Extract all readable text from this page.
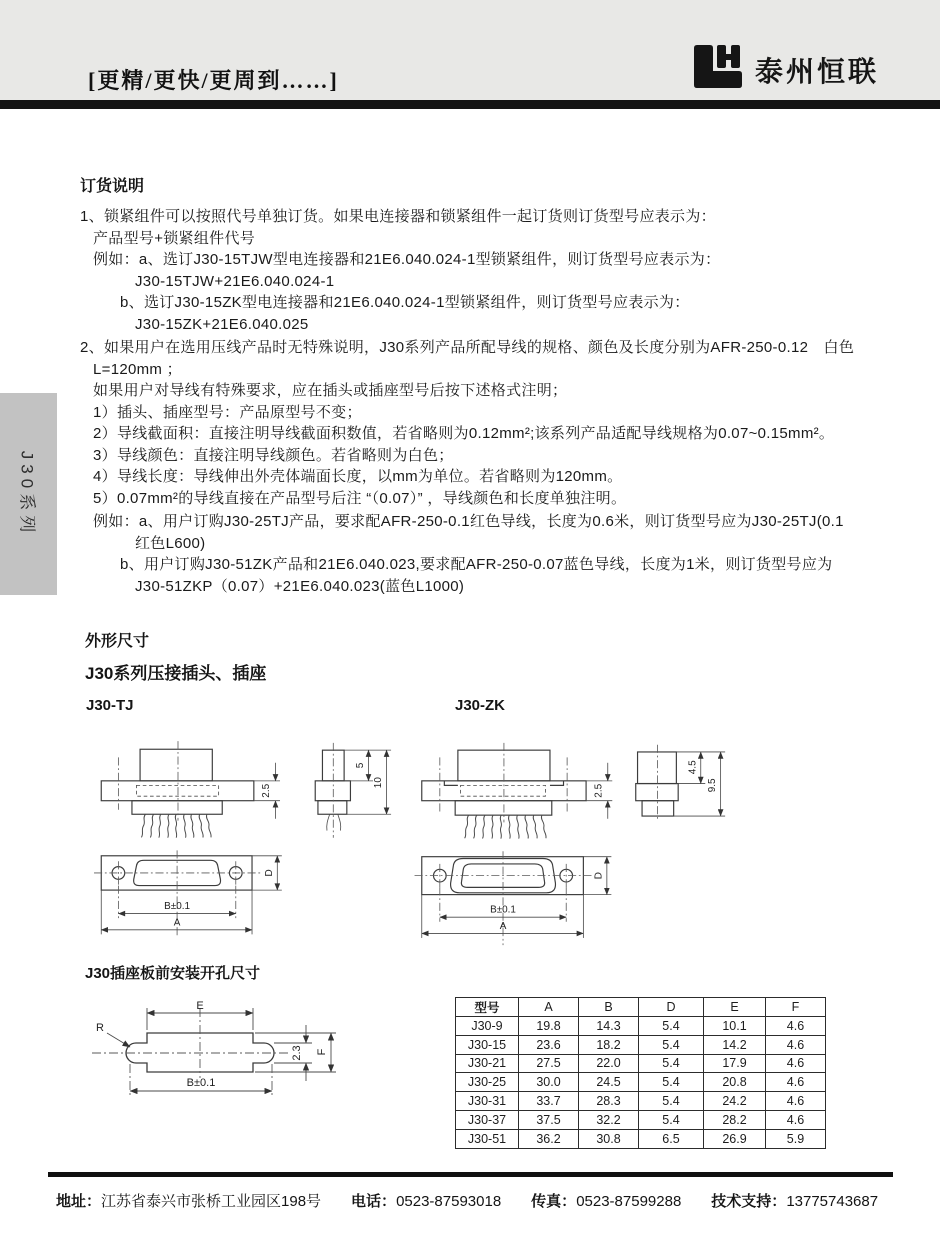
[更精/更快/更周到……]	泰州恒联
J30系列
订货说明
1、锁紧组件可以按照代号单独订货。如果电连接器和锁紧组件一起订货则订货型号应表示为：
产品型号+锁紧组件代号
例如：a、选订J30-15TJW型电连接器和21E6.040.024-1型锁紧组件，则订货型号应表示为：
J30-15TJW+21E6.040.024-1
b、选订J30-15ZK型电连接器和21E6.040.024-1型锁紧组件，则订货型号应表示为：
J30-15ZK+21E6.040.025
2、如果用户在选用压线产品时无特殊说明，J30系列产品所配导线的规格、颜色及长度分别为AFR-250-0.12　白色
L=120mm ；
如果用户对导线有特殊要求，应在插头或插座型号后按下述格式注明；
1）插头、插座型号：产品原型号不变；
2）导线截面积：直接注明导线截面积数值，若省略则为0.12mm²;该系列产品适配导线规格为0.07~0.15mm²。
3）导线颜色：直接注明导线颜色。若省略则为白色；
4）导线长度：导线伸出外壳体端面长度，以mm为单位。若省略则为120mm。
5）0.07mm²的导线直接在产品型号后注 “（0.07）” ，导线颜色和长度单独注明。
例如：a、用户订购J30-25TJ产品，要求配AFR-250-0.1红色导线，长度为0.6米，则订货型号应为J30-25TJ(0.1
红色L600)
b、用户订购J30-51ZK产品和21E6.040.023,要求配AFR-250-0.07蓝色导线，长度为1米，则订货型号应为
J30-51ZKP（0.07）+21E6.040.023(蓝色L1000)
外形尺寸
J30系列压接插头、插座
J30-TJ	J30-ZK
2.5
5
10
D
B±0.1
A
2.5
4.5
9.5
D
B±0.1
A
J30插座板前安装开孔尺寸
R
E
2.3 F
B±0.1
型号	A	B	D	E	F
J30-9	19.8	14.3	5.4	10.1	4.6
J30-15	23.6	18.2	5.4	14.2	4.6
J30-21	27.5	22.0	5.4	17.9	4.6
J30-25	30.0	24.5	5.4	20.8	4.6
J30-31	33.7	28.3	5.4	24.2	4.6
J30-37	37.5	32.2	5.4	28.2	4.6
J30-51	36.2	30.8	6.5	26.9	5.9
地址：江苏省泰兴市张桥工业园区198号 电话：0523-87593018 传真：0523-87599288 技术支持：13775743687
